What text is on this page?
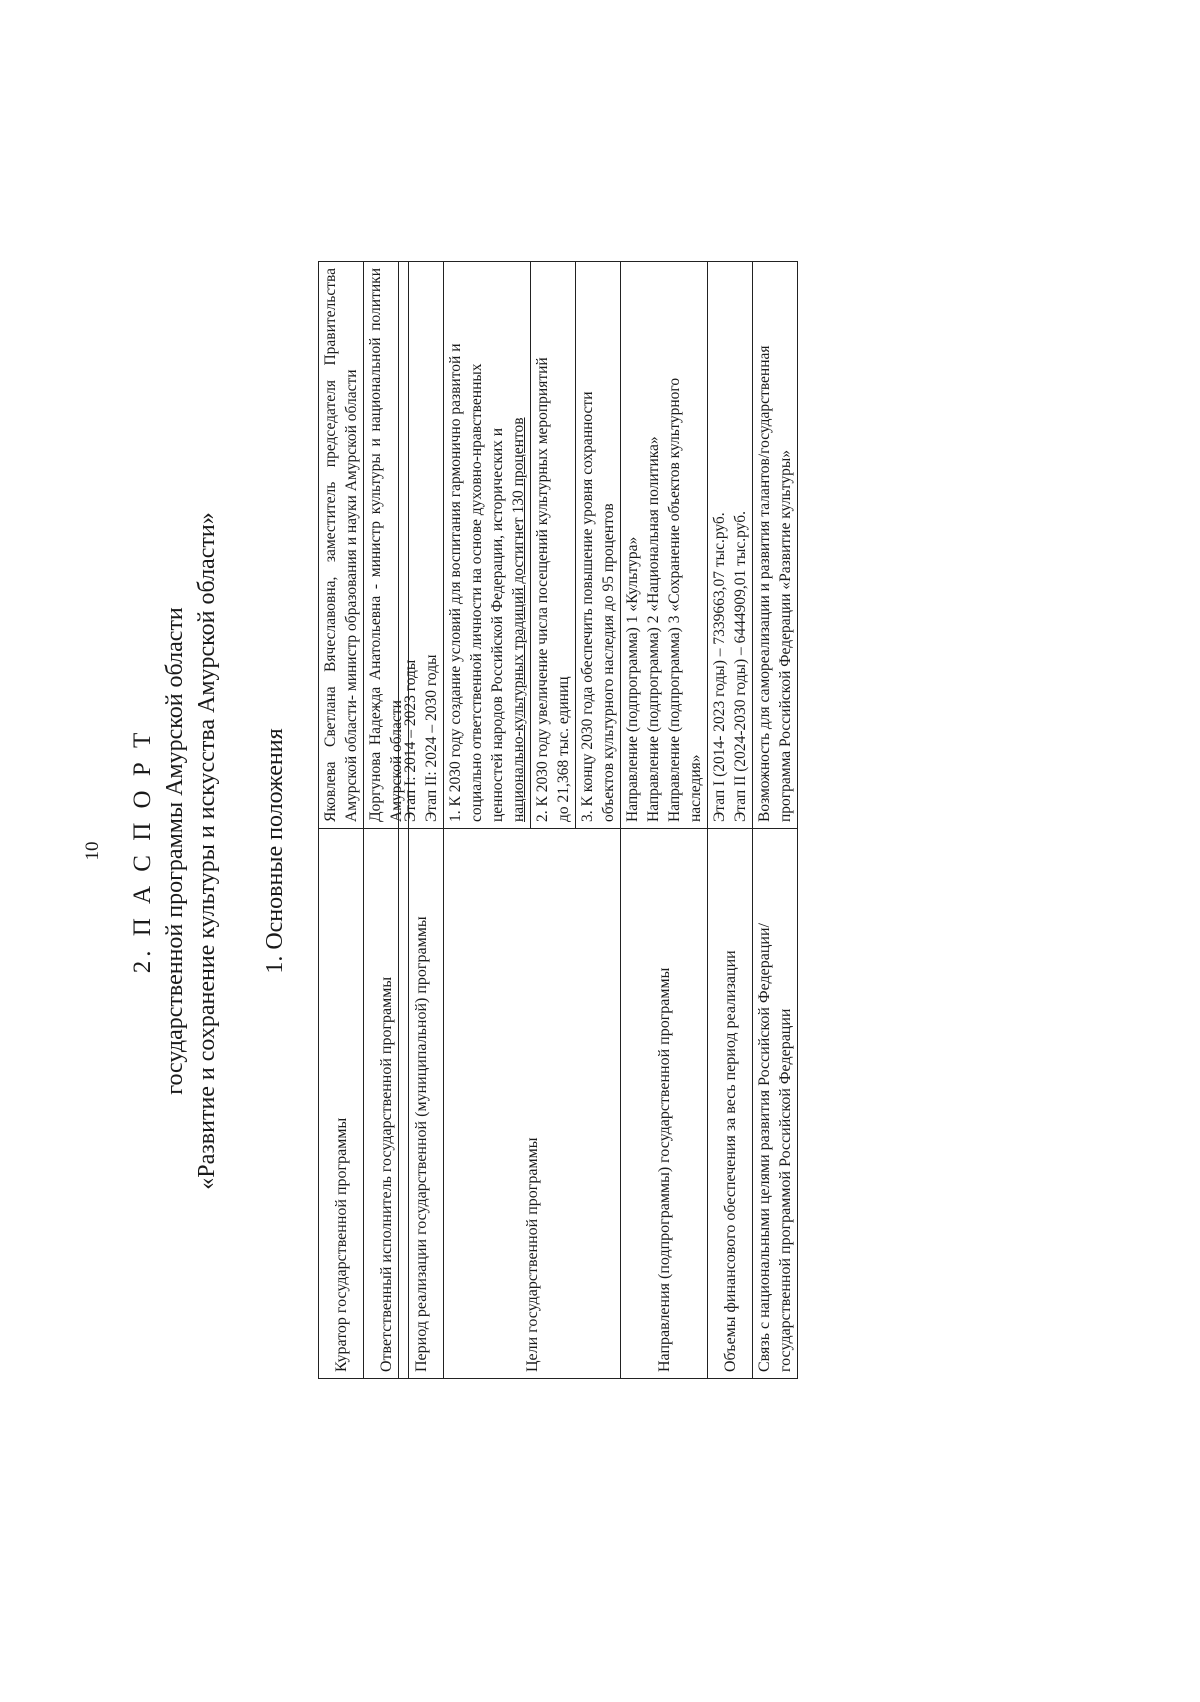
10 2. П А С П О Р Т государственной программы Амурской области «Развитие и сохранение культуры и искусства Амурской области» 1. Основные положения
Куратор государственной программы	Яковлева Светлана Вячеславовна, заместитель председателя Правительства Амурской области- министр образования и науки Амурской области
Ответственный исполнитель государственной программы	Доргунова Надежда Анатольевна - министр культуры и национальной политики Амурской области
Период реализации государственной (муниципальной) программы	Этап I: 2014 – 2023 годы Этап II: 2024 – 2030 годы

Цели государственной программы	1. К 2030 году создание условий для воспитания гармонично развитой и социально ответственной личности на основе духовно-нравственных ценностей народов Российской Федерации, исторических и национально-культурных традиций достигнет 130 процентов

	2. К 2030 году увеличение числа посещений культурных мероприятий до 21,368 тыс. единиц

	3. К концу 2030 года обеспечить повышение уровня сохранности объектов культурного наследия до 95 процентов

Направления (подпрограммы) государственной программы	Направление (подпрограмма) 1 «Культура» Направление (подпрограмма) 2 «Национальная политика» Направление (подпрограмма) 3 «Сохранение объектов культурного наследия»

Объемы финансового обеспечения за весь период реализации	Этап I (2014- 2023 годы) – 7339663,07 тыс.руб. Этап II (2024-2030 годы) – 6444909,01 тыс.руб.

Связь с национальными целями развития Российской Федерации/ государственной программой Российской Федерации	Возможность для самореализации и развития талантов/государственная программа Российской Федерации «Развитие культуры»
